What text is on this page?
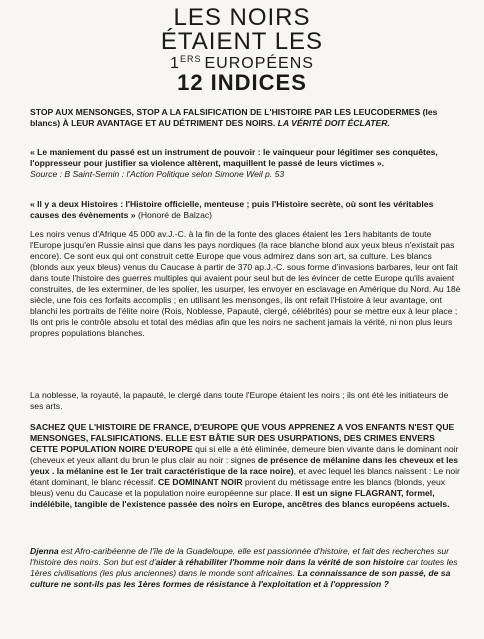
LES NOIRS
ÉTAIENT LES
1ERS EUROPÉENS
12 INDICES
STOP AUX MENSONGES, STOP A LA FALSIFICATION DE L'HISTOIRE PAR LES LEUCODERMES (les blancs) À LEUR AVANTAGE ET AU DÉTRIMENT DES NOIRS. LA VÉRITÉ DOIT ÉCLATER.
« Le maniement du passé est un instrument de pouvoir : le vainqueur pour légitimer ses conquêtes, l'oppresseur pour justifier sa violence altèrent, maquillent le passé de leurs victimes ».
Source : B Saint-Semin : l'Action Politique selon Simone Weil p. 53
« Il y a deux Histoires : l'Histoire officielle, menteuse ; puis l'Histoire secrète, où sont les véritables causes des évènements » (Honoré de Balzac)
Les noirs venus d'Afrique 45 000 av.J.-C. à la fin de la fonte des glaces étaient les 1ers habitants de toute l'Europe jusqu'en Russie ainsi que dans les pays nordiques (la race blanche blond aux yeux bleus n'existait pas encore). Ce sont eux qui ont construit cette Europe que vous admirez dans son art, sa culture. Les blancs (blonds aux yeux bleus) venus du Caucase à partir de 370 ap.J.-C. sous forme d'invasions barbares, leur ont fait dans toute l'histoire des guerres multiples qui avaient pour seul but de les évincer de cette Europe qu'ils avaient construites, de les exterminer, de les spolier, les usurper, les envoyer en esclavage en Amérique du Nord. Au 18è siècle, une fois ces forfaits accomplis ; en utilisant les mensonges, ils ont refait l'Histoire à leur avantage, ont blanchi les portraits de l'élite noire (Rois, Noblesse, Papauté, clergé, célébrités) pour se mettre eux à leur place ; Ils ont pris le contrôle absolu et total des médias afin que les noirs ne sachent jamais la vérité, ni non plus leurs propres populations blanches.
La noblesse, la royauté, la papauté, le clergé dans toute l'Europe étaient les noirs ; ils ont été les initiateurs de ses arts.
SACHEZ QUE L'HISTOIRE DE FRANCE, D'EUROPE QUE VOUS APPRENEZ A VOS ENFANTS N'EST QUE MENSONGES, FALSIFICATIONS. ELLE EST BÂTIE SUR DES USURPATIONS, DES CRIMES ENVERS CETTE POPULATION NOIRE D'EUROPE qui si elle a été éliminée, demeure bien vivante dans le dominant noir (cheveux et yeux allant du brun le plus clair au noir : signes de présence de mélanine dans les cheveux et les yeux . la mélanine est le 1er trait caractéristique de la race noire), et avec lequel les blancs naissent : Le noir étant dominant, le blanc récessif. CE DOMINANT NOIR provient du métissage entre les blancs (blonds, yeux bleus) venu du Caucase et la population noire européenne sur place. Il est un signe FLAGRANT, formel, indélébile, tangible de l'existence passée des noirs en Europe, ancêtres des blancs européens actuels.
Djenna est Afro-caribéenne de l'île de la Guadeloupe, elle est passionnée d'histoire, et fait des recherches sur l'histoire des noirs. Son but est d'aider à réhabiliter l'homme noir dans la vérité de son histoire car toutes les 1ères civilisations (les plus anciennes) dans le monde sont africaines. La connaissance de son passé, de sa culture ne sont-ils pas les 1ères formes de résistance à l'exploitation et à l'oppression ?
